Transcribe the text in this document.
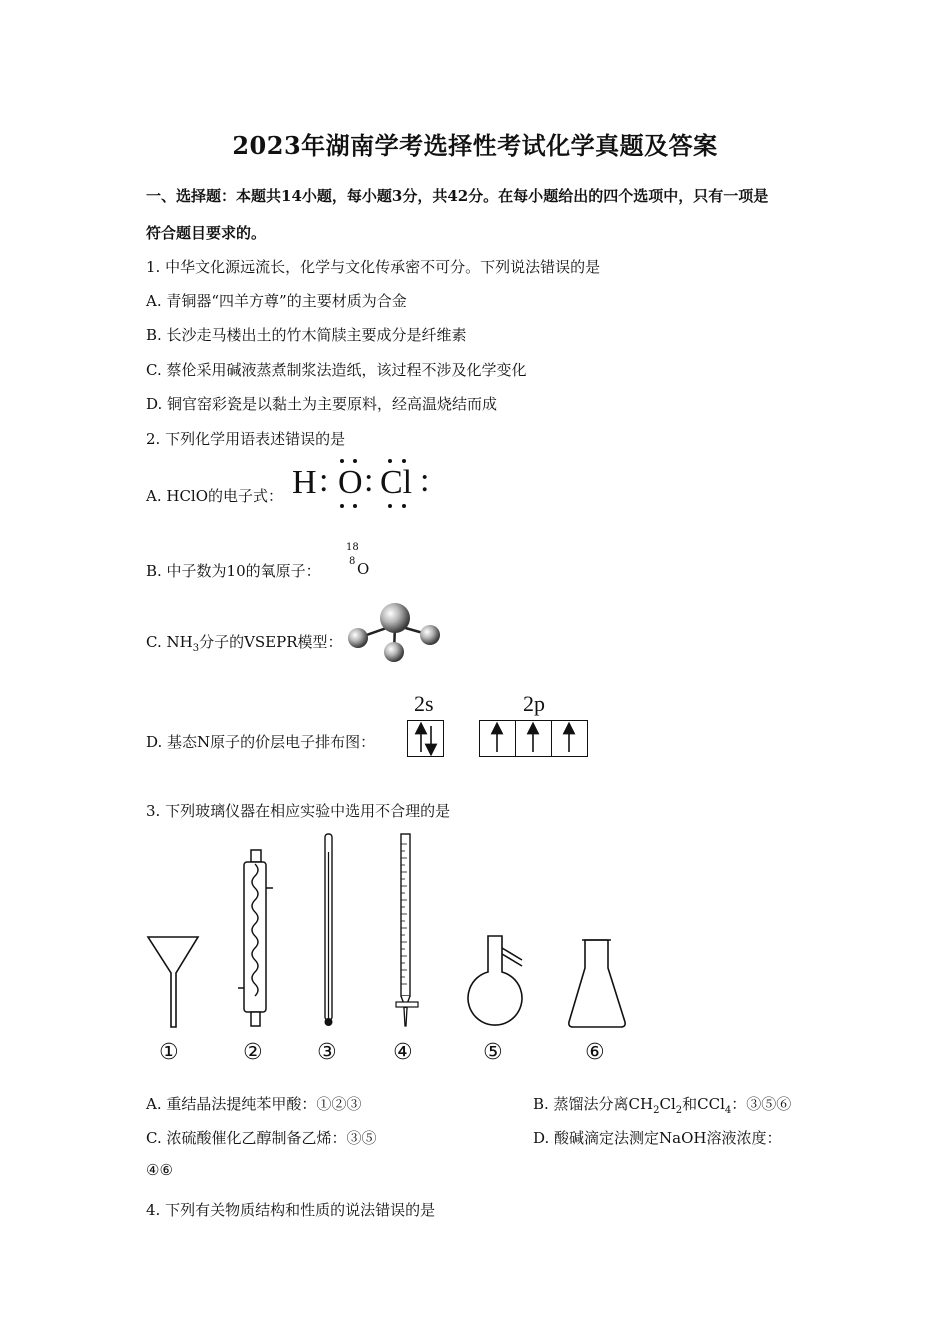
2023年湖南学考选择性考试化学真题及答案
一、选择题：本题共14小题，每小题3分，共42分。在每小题给出的四个选项中，只有一项是
符合题目要求的。
1. 中华文化源远流长，化学与文化传承密不可分。下列说法错误的是
A. 青铜器“四羊方尊”的主要材质为合金
B. 长沙走马楼出土的竹木简牍主要成分是纤维素
C. 蔡伦采用碱液蒸煮制浆法造纸，该过程不涉及化学变化
D. 铜官窑彩瓷是以黏土为主要原料，经高温烧结而成
2. 下列化学用语表述错误的是
A. HClO的电子式： H : O : Cl :
B. 中子数为10的氧原子：
18
8 O
C. $NH_3$分子的VSEPR模型：
D. 基态N原子的价层电子排布图：
2s	2p
3. 下列玻璃仪器在相应实验中选用不合理的是
①	② ③	④	⑤	⑥
A. 重结晶法提纯苯甲酸：①②③	B. 蒸馏法分离$CH_2Cl_2$和CCl$_4$：③⑤⑥
C. 浓硫酸催化乙醇制备乙烯：③⑤	D. 酸碱滴定法测定NaOH溶液浓度：
④⑥
4. 下列有关物质结构和性质的说法错误的是
